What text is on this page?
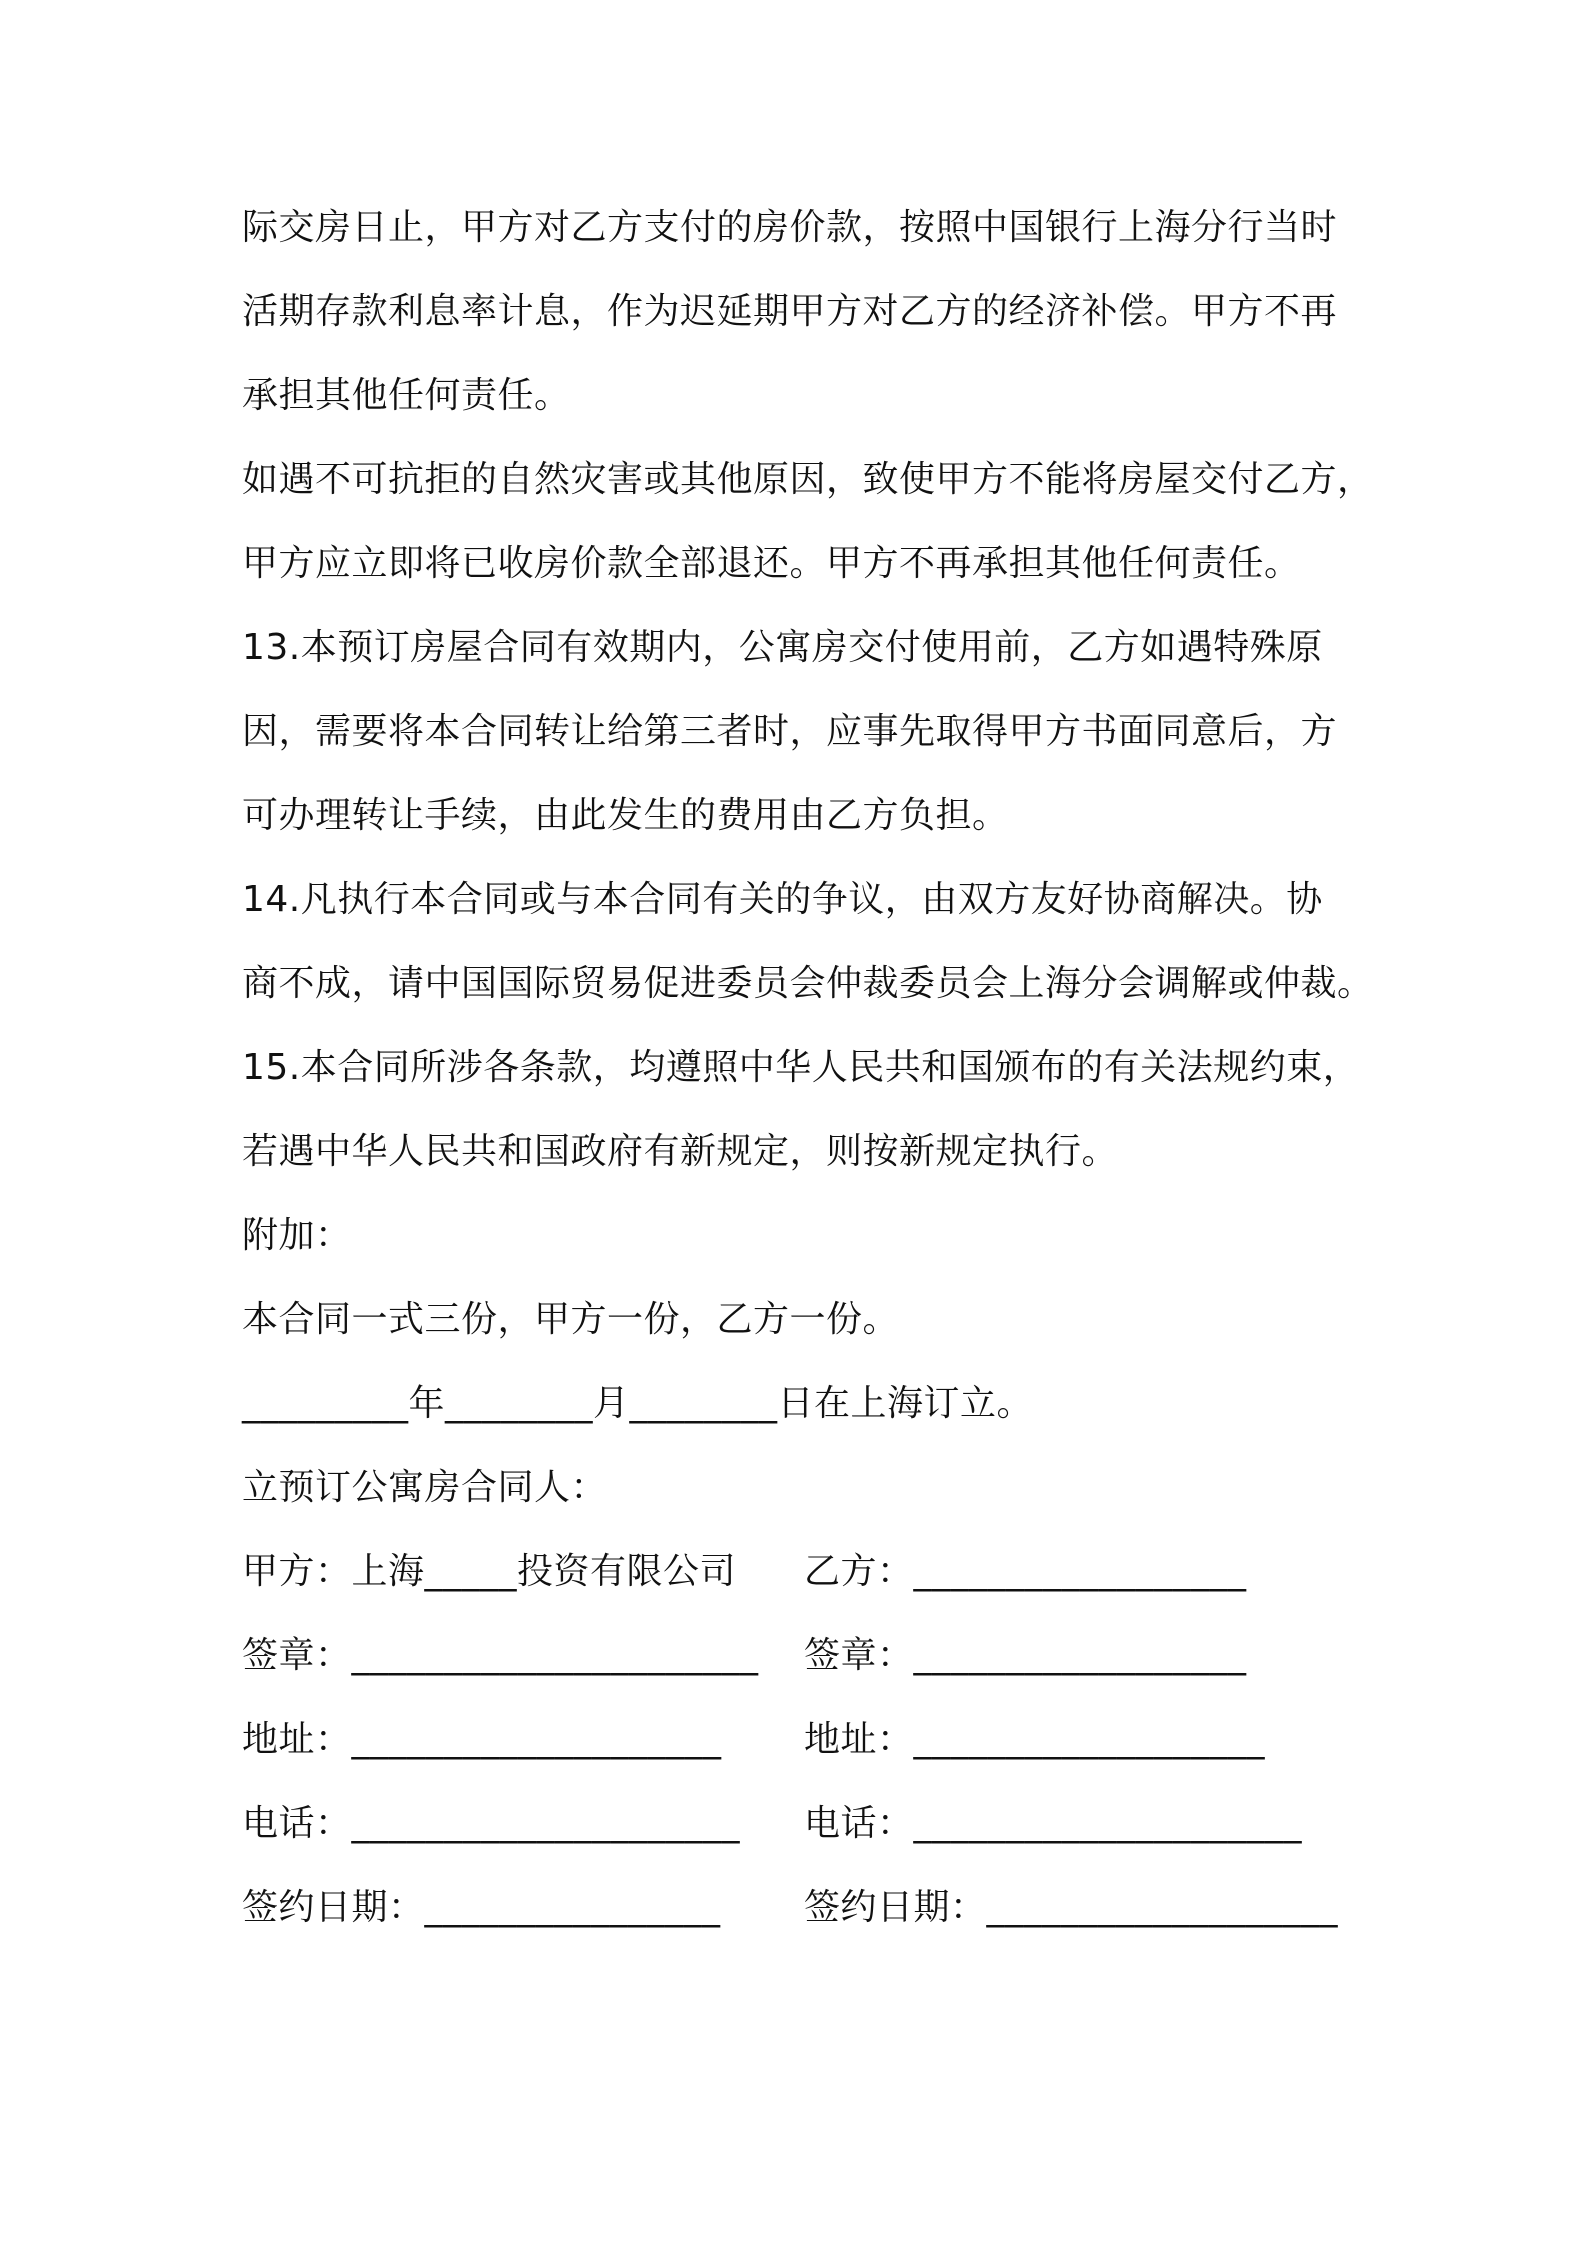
际交房日止，甲方对乙方支付的房价款，按照中国银行上海分行当时
活期存款利息率计息，作为迟延期甲方对乙方的经济补偿。甲方不再
承担其他任何责任。
如遇不可抗拒的自然灾害或其他原因，致使甲方不能将房屋交付乙方，
甲方应立即将已收房价款全部退还。甲方不再承担其他任何责任。
13.本预订房屋合同有效期内，公寓房交付使用前，乙方如遇特殊原
因，需要将本合同转让给第三者时，应事先取得甲方书面同意后，方
可办理转让手续，由此发生的费用由乙方负担。
14.凡执行本合同或与本合同有关的争议，由双方友好协商解决。协
商不成，请中国国际贸易促进委员会仲裁委员会上海分会调解或仲裁。
15.本合同所涉各条款，均遵照中华人民共和国颁布的有关法规约束，
若遇中华人民共和国政府有新规定，则按新规定执行。
附加：
本合同一式三份，甲方一份，乙方一份。
_________年________月________日在上海订立。
立预订公寓房合同人：
甲方：上海_____投资有限公司 乙方：__________________
签章：______________________ 签章：__________________
地址：____________________ 地址：___________________
电话：_____________________ 电话：_____________________
签约日期：________________ 签约日期：___________________
